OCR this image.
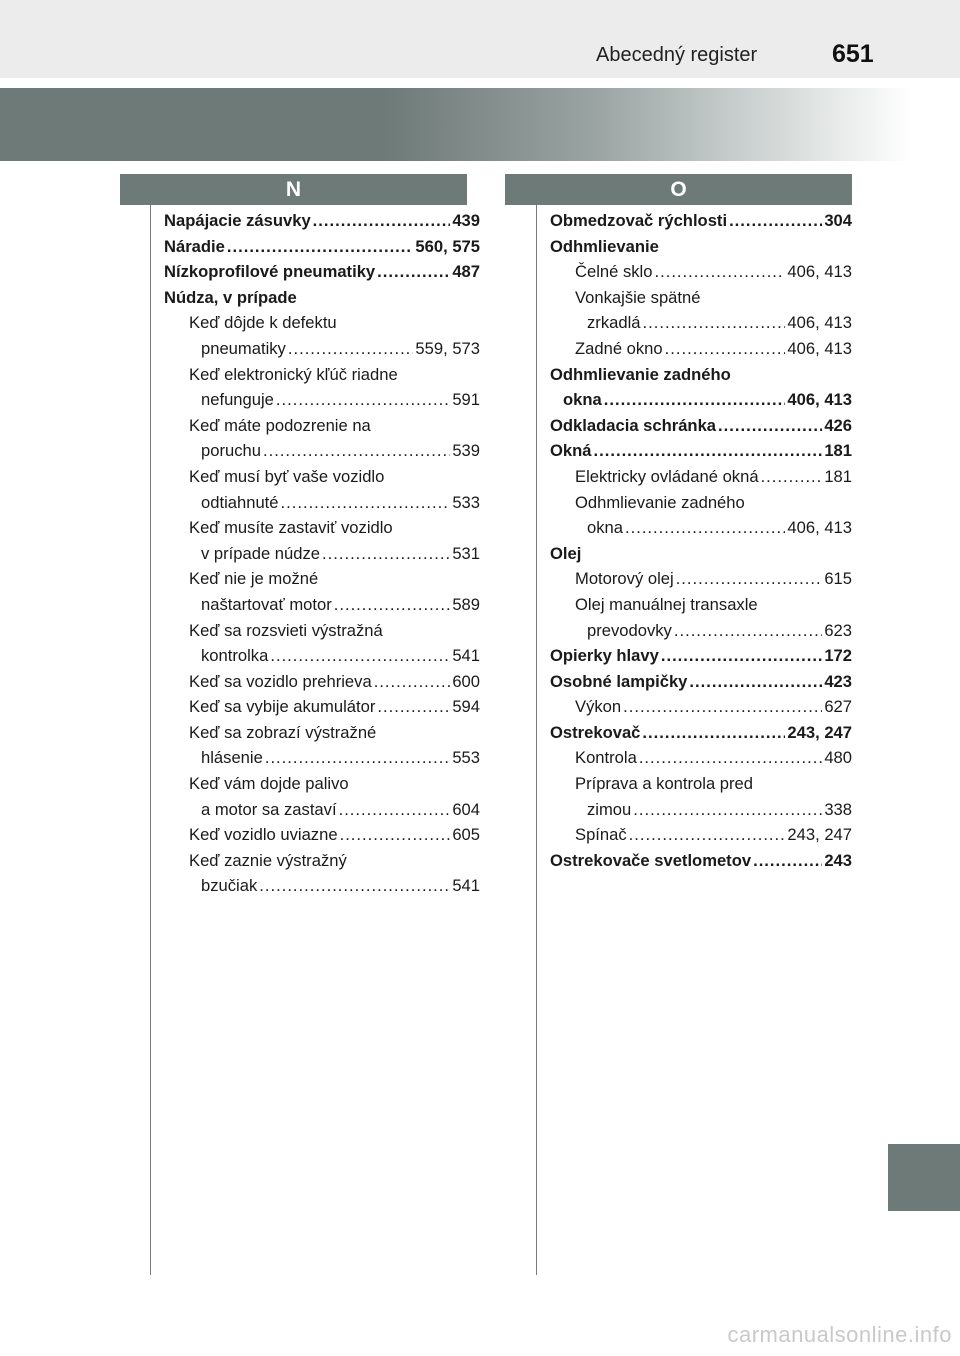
Abecedný register	651
N	O
Napájacie zásuvky .....	439
Náradie .....	560, 575
Nízkoprofilové pneumatiky .....	487
Núdza, v prípade
Keď dôjde k defektu
pneumatiky .....	559, 573
Keď elektronický kľúč riadne
nefunguje .....	591
Keď máte podozrenie na
poruchu .....	539
Keď musí byť vaše vozidlo
odtiahnuté .....	533
Keď musíte zastaviť vozidlo
v prípade núdze .....	531
Keď nie je možné
naštartovať motor .....	589
Keď sa rozsvieti výstražná
kontrolka .....	541
Keď sa vozidlo prehrieva .....	600
Keď sa vybije akumulátor .....	594
Keď sa zobrazí výstražné
hlásenie .....	553
Keď vám dojde palivo
a motor sa zastaví .....	604
Keď vozidlo uviazne .....	605
Keď zaznie výstražný
bzučiak .....	541
Obmedzovač rýchlosti .....	304
Odhmlievanie
Čelné sklo .....	406, 413
Vonkajšie spätné
zrkadlá .....	406, 413
Zadné okno .....	406, 413
Odhmlievanie zadného
okna .....	406, 413
Odkladacia schránka .....	426
Okná .....	181
Elektricky ovládané okná .....	181
Odhmlievanie zadného
okna .....	406, 413
Olej
Motorový olej .....	615
Olej manuálnej transaxle
prevodovky .....	623
Opierky hlavy .....	172
Osobné lampičky .....	423
Výkon .....	627
Ostrekovač .....	243, 247
Kontrola .....	480
Príprava a kontrola pred
zimou .....	338
Spínač .....	243, 247
Ostrekovače svetlometov .....	243
carmanualsonline.info
